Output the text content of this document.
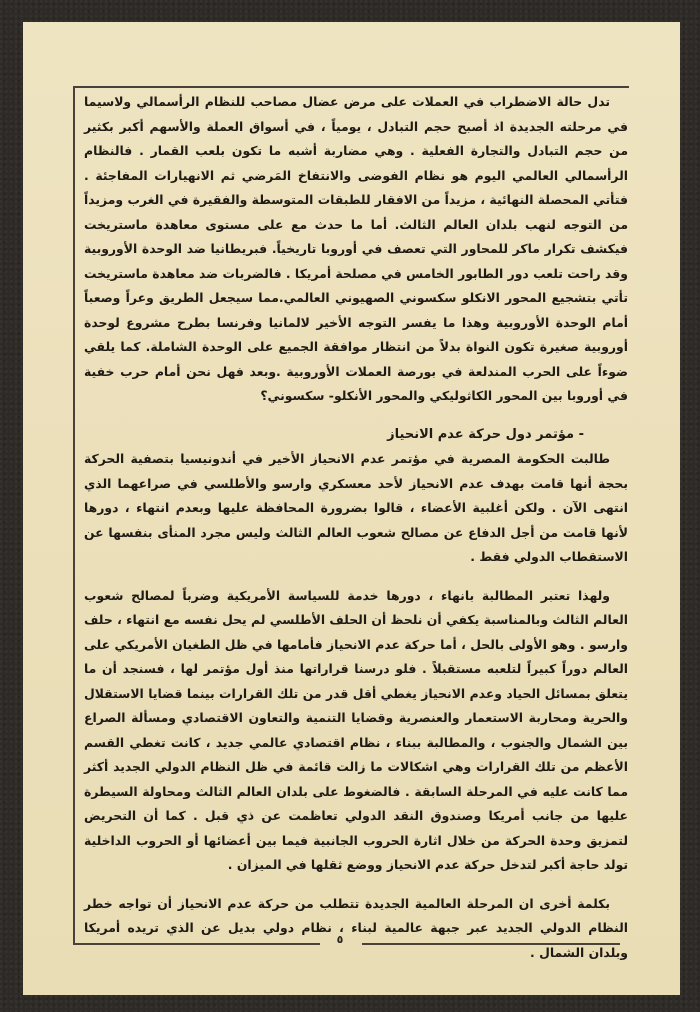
٥

تدل حالة الاضطراب في العملات على مرض عضال مصاحب للنظام الرأسمالي ولاسيما في مرحلته الجديدة اذ أصبح حجم التبادل ، يومياً ، في أسواق العملة والأسهم أكبر بكثير من حجم التبادل والتجارة الفعلية . وهي مضاربة أشبه ما تكون بلعب القمار . فالنظام الرأسمالي العالمي اليوم هو نظام الفوضى والانتفاخ المَرضي ثم الانهيارات المفاجئة . فتأتي المحصلة النهائية ، مزيداً من الافقار للطبقات المتوسطة والفقيرة في الغرب ومزيداً من التوجه لنهب بلدان العالم الثالث. أما ما حدث مع على مستوى معاهدة ماستريخت فيكشف تكرار ماكر للمحاور التي تعصف في أوروبا تاريخياً. فبريطانيا ضد الوحدة الأوروبية وقد راحت تلعب دور الطابور الخامس في مصلحة أمريكا . فالضربات ضد معاهدة ماستريخت تأتي بتشجيع المحور الانكلو سكسوني الصهيوني العالمي.مما سيجعل الطريق وعراً وصعباً أمام الوحدة الأوروبية وهذا ما يفسر التوجه الأخير لالمانيا وفرنسا بطرح مشروع لوحدة أوروبية صغيرة تكون النواة بدلاً من انتظار موافقة الجميع على الوحدة الشاملة. كما يلقي ضوءاً على الحرب المندلعة في بورصة العملات الأوروبية .وبعد فهل نحن أمام حرب خفية في أوروبا بين المحور الكاثوليكي والمحور الأنكلو- سكسوني؟

- مؤتمر دول حركة عدم الانحياز

طالبت الحكومة المصرية في مؤتمر عدم الانحياز الأخير في أندونيسيا بتصفية الحركة بحجة أنها قامت بهدف عدم الانحياز لأحد معسكري وارسو والأطلسي في صراعهما الذي انتهى الآن . ولكن أغلبية الأعضاء ، قالوا بضرورة المحافظة عليها وبعدم انتهاء ، دورها لأنها قامت من أجل الدفاع عن مصالح شعوب العالم الثالث وليس مجرد المنأى بنفسها عن الاستقطاب الدولي فقط .

ولهذا تعتبر المطالبة بانهاء ، دورها خدمة للسياسة الأمريكية وضرباً لمصالح شعوب العالم الثالث وبالمناسبة يكفي أن نلحظ أن الحلف الأطلسي لم يحل نفسه مع انتهاء ، حلف وارسو . وهو الأولى بالحل ، أما حركة عدم الانحياز فأمامها في ظل الطغيان الأمريكي على العالم دوراً كبيراً لتلعبه مستقبلاً . فلو درسنا قراراتها منذ أول مؤتمر لها ، فسنجد أن ما يتعلق بمسائل الحياد وعدم الانحياز يغطي أقل قدر من تلك القرارات بينما قضايا الاستقلال والحرية ومحاربة الاستعمار والعنصرية وقضايا التنمية والتعاون الاقتصادي ومسألة الصراع بين الشمال والجنوب ، والمطالبة ببناء ، نظام اقتصادي عالمي جديد ، كانت تغطي القسم الأعظم من تلك القرارات وهي اشكالات ما زالت قائمة في ظل النظام الدولي الجديد أكثر مما كانت عليه في المرحلة السابقة . فالضغوط على بلدان العالم الثالث ومحاولة السيطرة عليها من جانب أمريكا وصندوق النقد الدولي تعاظمت عن ذي قبل . كما أن التحريض لتمزيق وحدة الحركة من خلال اثارة الحروب الجانبية فيما بين أعضائها أو الحروب الداخلية تولد حاجة أكبر لتدخل حركة عدم الانحياز ووضع ثقلها في الميزان .

بكلمة أخرى ان المرحلة العالمية الجديدة تتطلب من حركة عدم الانحياز أن تواجه خطر النظام الدولي الجديد عبر جبهة عالمية لبناء ، نظام دولي بديل عن الذي تريده أمريكا وبلدان الشمال .
